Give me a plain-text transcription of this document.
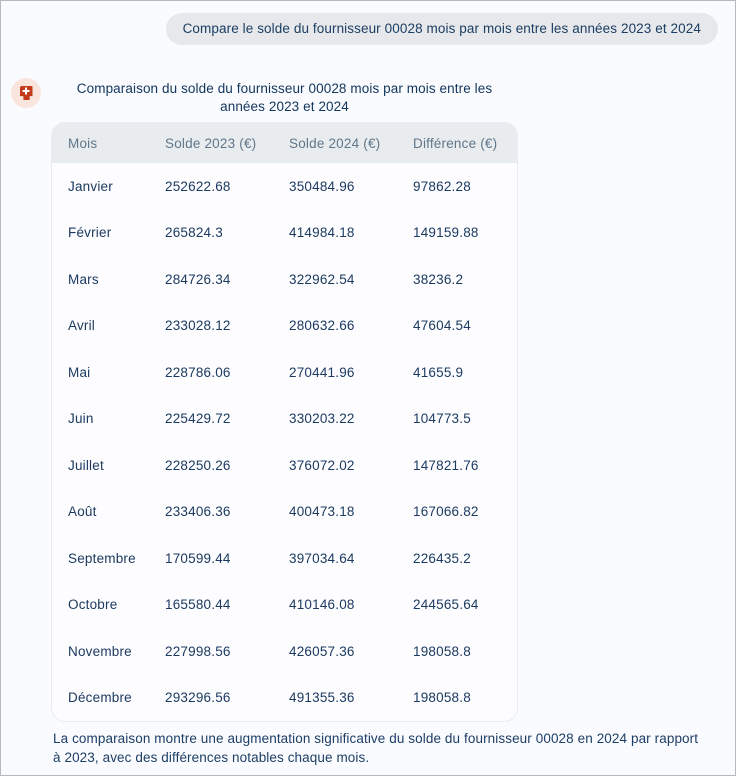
Compare le solde du fournisseur 00028 mois par mois entre les années 2023 et 2024
Comparaison du solde du fournisseur 00028 mois par mois entre les
années 2023 et 2024
Mois	Solde 2023 (€)	Solde 2024 (€)	Différence (€)
Janvier	252622.68	350484.96	97862.28
Février	265824.3	414984.18	149159.88
Mars	284726.34	322962.54	38236.2
Avril	233028.12	280632.66	47604.54
Mai	228786.06	270441.96	41655.9
Juin	225429.72	330203.22	104773.5
Juillet	228250.26	376072.02	147821.76
Août	233406.36	400473.18	167066.82
Septembre	170599.44	397034.64	226435.2
Octobre	165580.44	410146.08	244565.64
Novembre	227998.56	426057.36	198058.8
Décembre	293296.56	491355.36	198058.8

La comparaison montre une augmentation significative du solde du fournisseur 00028 en 2024 par rapport à 2023, avec des différences notables chaque mois.
